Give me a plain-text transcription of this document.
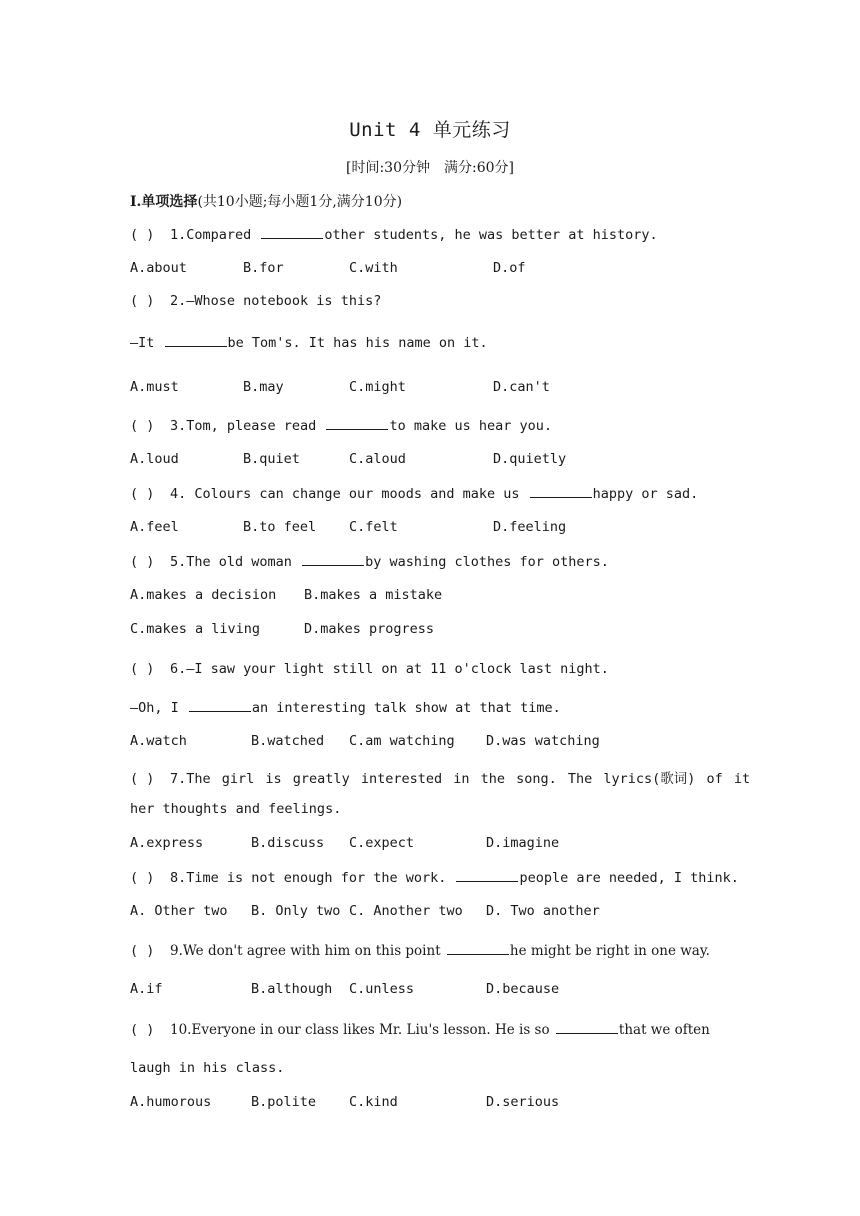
Unit 4 单元练习
[时间:30分钟　满分:60分]
Ⅰ.单项选择(共10小题;每小题1分,满分10分)
( ) 1.Compared	other students, he was better at history.
A.about	B.for	C.with	D.of
( ) 2.—Whose notebook is this?
—It	be Tom's. It has his name on it.
A.must	B.may	C.might	D.can't
( ) 3.Tom, please read	to make us hear you.
A.loud	B.quiet	C.aloud	D.quietly
( ) 4. Colours can change our moods and make us	happy or sad.
A.feel	B.to feel C.felt	D.feeling
( ) 5.The old woman	by washing clothes for others.
A.makes a decision B.makes a mistake
C.makes a living	D.makes progress
( ) 6.—I saw your light still on at 11 o'clock last night.
—Oh, I	an interesting talk show at that time.
A.watch	B.watched C.am watching D.was watching
( ) 7.The girl is greatly interested in the song. The lyrics(歌词) of it
her thoughts and feelings.
A.express	B.discuss C.expect	D.imagine
( ) 8.Time is not enough for the work.	people are needed, I think.
A. Other two B. Only two C. Another two D. Two another
( ) 9.We don't agree with him on this point	he might be right in one way.
A.if	B.although C.unless	D.because
( ) 10.Everyone in our class likes Mr. Liu's lesson. He is so	that we often
laugh in his class.
A.humorous	B.polite C.kind	D.serious
